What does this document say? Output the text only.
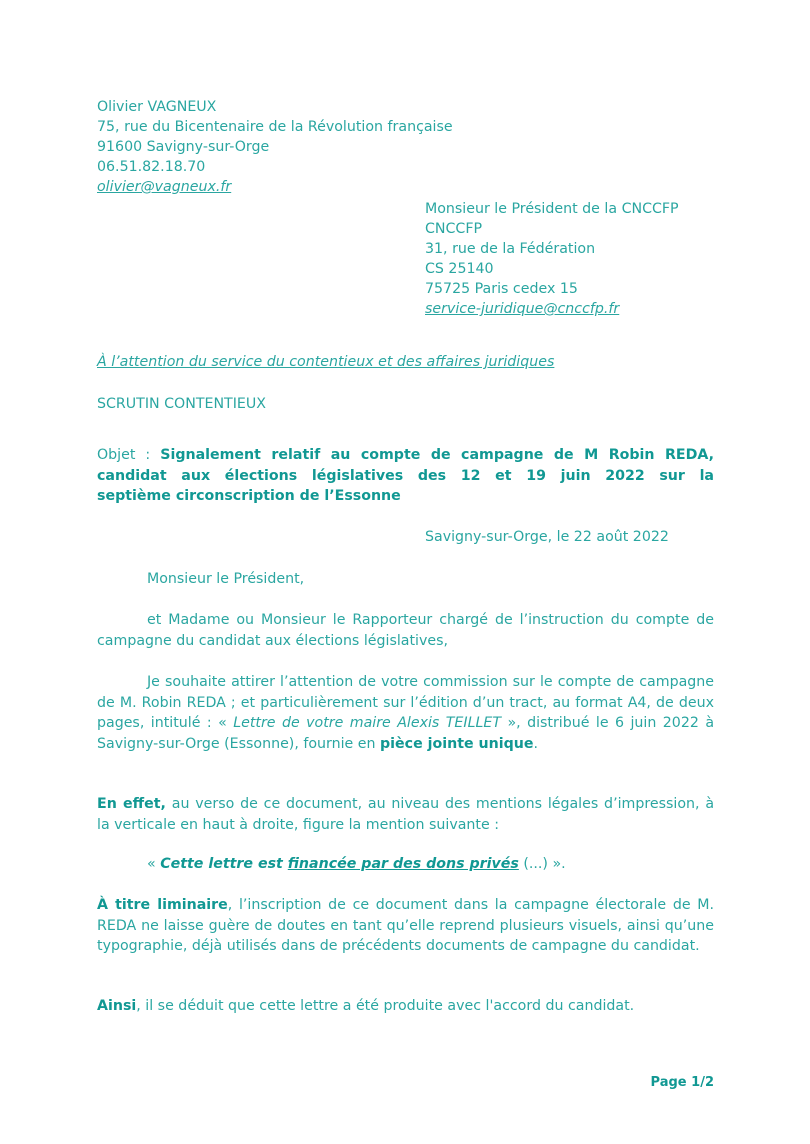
Olivier VAGNEUX
75, rue du Bicentenaire de la Révolution française
91600 Savigny-sur-Orge
06.51.82.18.70
olivier@vagneux.fr
Monsieur le Président de la CNCCFP
CNCCFP
31, rue de la Fédération
CS 25140
75725 Paris cedex 15
service-juridique@cnccfp.fr
À l’attention du service du contentieux et des affaires juridiques
SCRUTIN CONTENTIEUX

Objet : Signalement relatif au compte de campagne de M Robin REDA,

candidat aux élections législatives des 12 et 19 juin 2022 sur la

septième circonscription de l’Essonne

Savigny-sur-Orge, le 22 août 2022

Monsieur le Président,

et Madame ou Monsieur le Rapporteur chargé de l’instruction du compte de campagne du candidat aux élections législatives,

Je souhaite attirer l’attention de votre commission sur le compte de campagne de M. Robin REDA ; et particulièrement sur l’édition d’un tract, au format A4, de deux pages, intitulé : « Lettre de votre maire Alexis TEILLET », distribué le 6 juin 2022 à Savigny-sur-Orge (Essonne), fournie en pièce jointe unique.

En effet, au verso de ce document, au niveau des mentions légales d’impression, à la verticale en haut à droite, figure la mention suivante :

« Cette lettre est financée par des dons privés (...) ».

À titre liminaire, l’inscription de ce document dans la campagne électorale de M. REDA ne laisse guère de doutes en tant qu’elle reprend plusieurs visuels, ainsi qu’une typographie, déjà utilisés dans de précédents documents de campagne du candidat.

Ainsi, il se déduit que cette lettre a été produite avec l'accord du candidat.

Page 1/2
